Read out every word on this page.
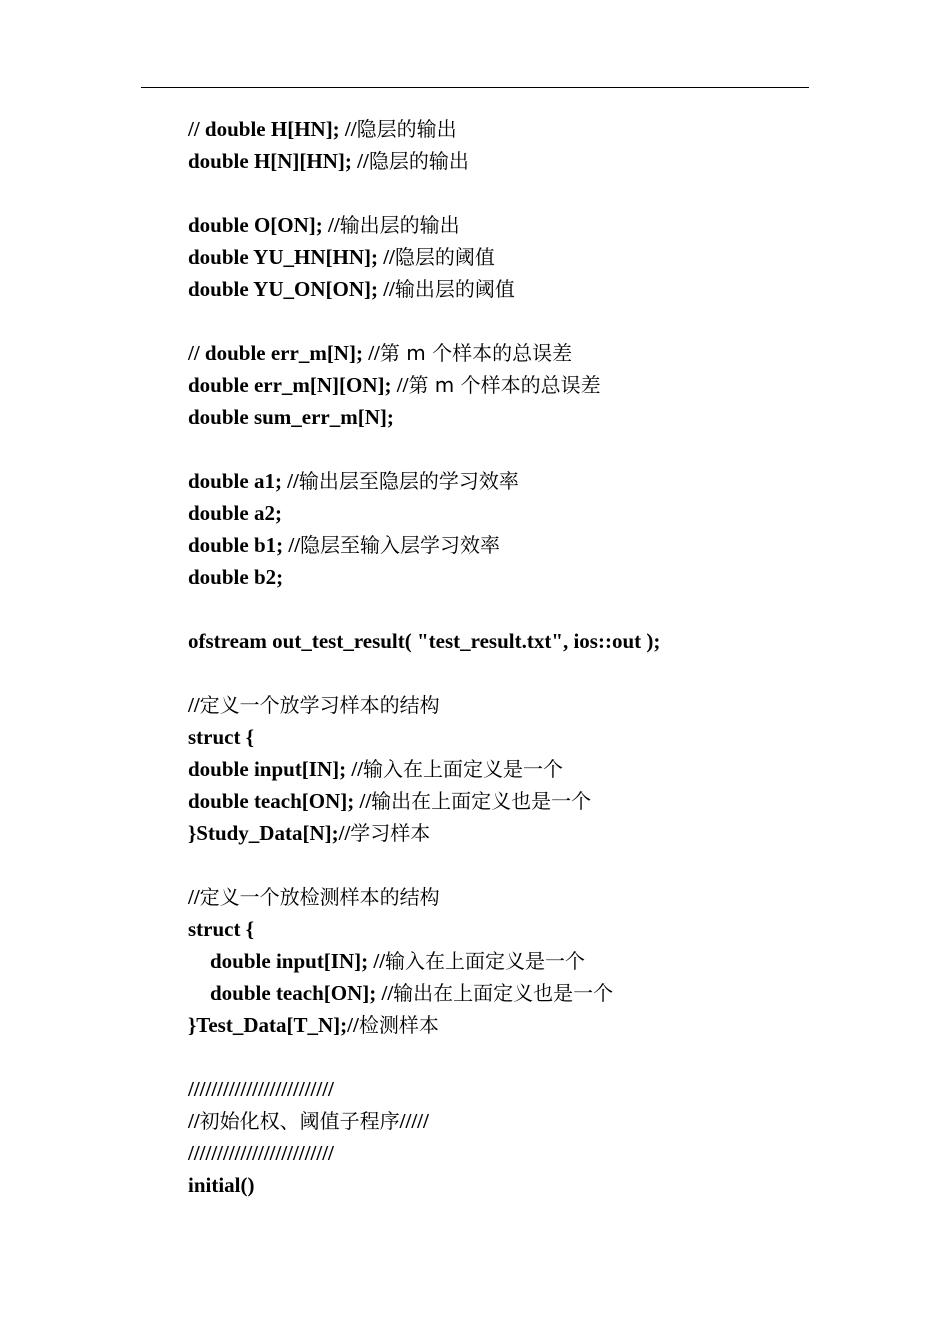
// double H[HN]; //隐层的输出
double H[N][HN]; //隐层的输出
double O[ON]; //输出层的输出
double YU_HN[HN]; //隐层的阈值
double YU_ON[ON]; //输出层的阈值
// double err_m[N]; //第 m 个样本的总误差
double err_m[N][ON]; //第 m 个样本的总误差
double sum_err_m[N];
double a1; //输出层至隐层的学习效率
double a2;
double b1; //隐层至输入层学习效率
double b2;
ofstream out_test_result( "test_result.txt", ios::out );
//定义一个放学习样本的结构
struct {
double input[IN]; //输入在上面定义是一个
double teach[ON]; //输出在上面定义也是一个
}Study_Data[N];//学习样本
//定义一个放检测样本的结构
struct {
double input[IN]; //输入在上面定义是一个
double teach[ON]; //输出在上面定义也是一个
}Test_Data[T_N];//检测样本
/////////////////////////
//初始化权、阈值子程序/////
/////////////////////////
initial()
